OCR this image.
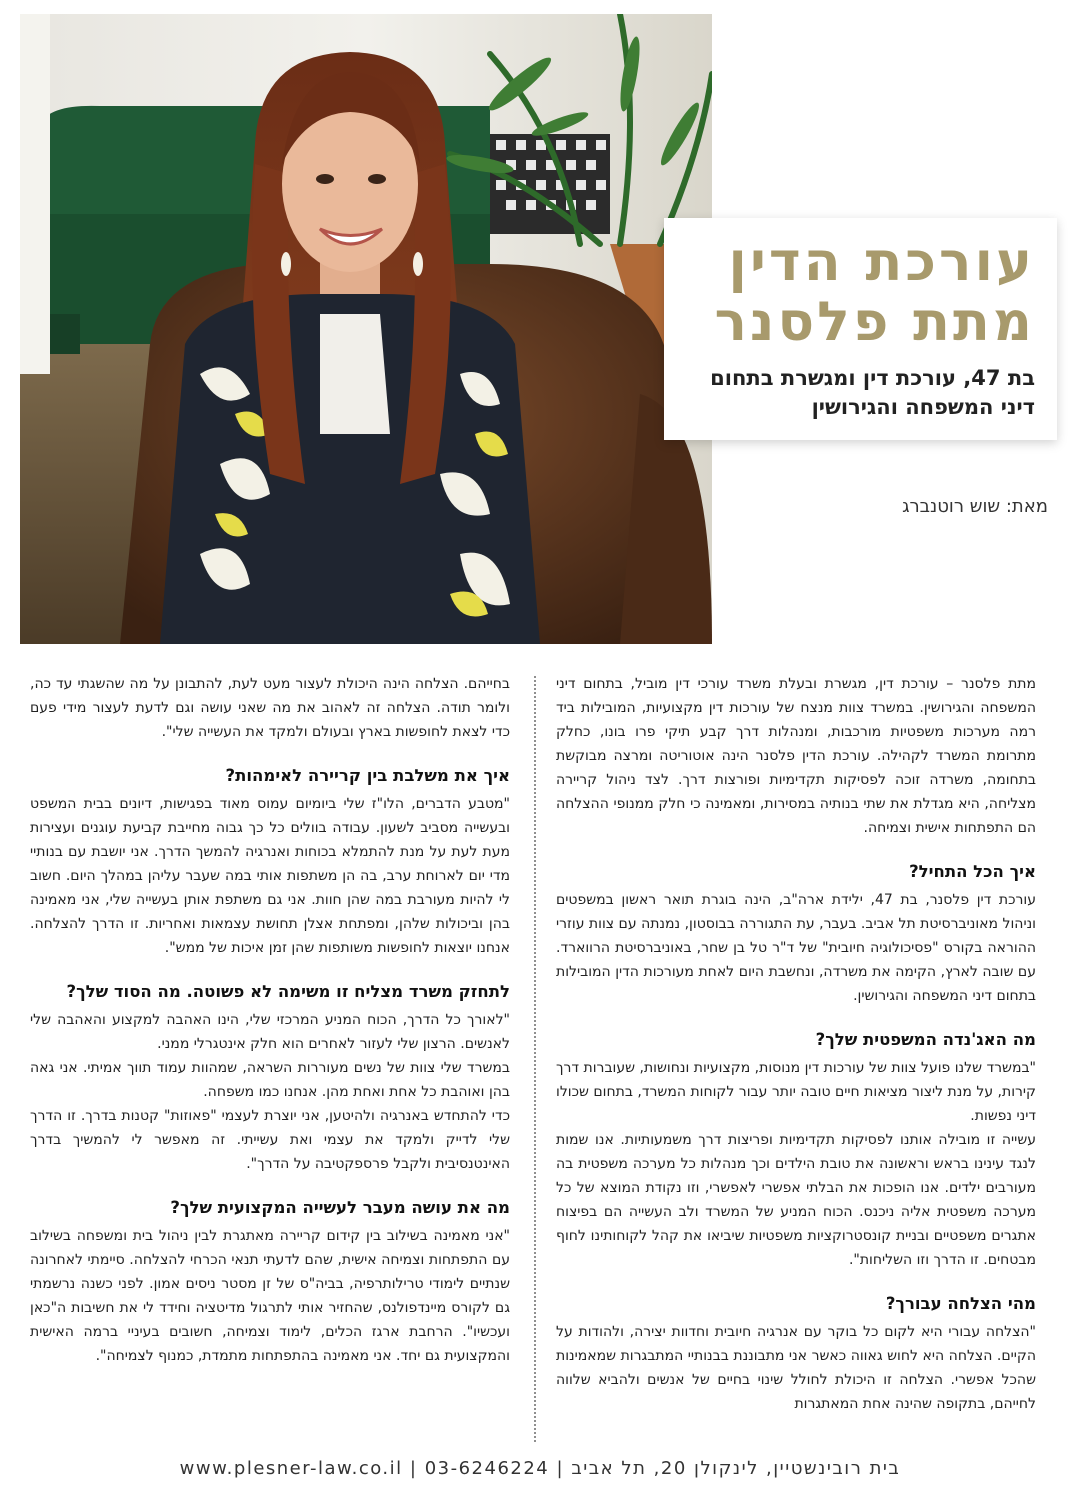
עורכת הדין
מתת פלסנר
בת 47, עורכת דין ומגשרת בתחום
דיני המשפחה והגירושין
מאת: שוש רוטנברג

מתת פלסנר – עורכת דין, מגשרת ובעלת משרד עורכי דין מוביל, בתחום דיני המשפחה והגירושין. במשרד צוות מנצח של עורכות דין מקצועיות, המובילות ביד רמה מערכות משפטיות מורכבות, ומנהלות דרך קבע תיקי פרו בונו, כחלק מתרומת המשרד לקהילה. עורכת הדין פלסנר הינה אוטוריטה ומרצה מבוקשת בתחומה, משרדה זוכה לפסיקות תקדימיות ופורצות דרך. לצד ניהול קריירה מצליחה, היא מגדלת את שתי בנותיה במסירות, ומאמינה כי חלק ממנופי ההצלחה הם התפתחות אישית וצמיחה.

איך הכל התחיל?

עורכת דין פלסנר, בת 47, ילידת ארה"ב, הינה בוגרת תואר ראשון במשפטים וניהול מאוניברסיטת תל אביב. בעבר, עת התגוררה בבוסטון, נמנתה עם צוות עוזרי ההוראה בקורס "פסיכולוגיה חיובית" של ד"ר טל בן שחר, באוניברסיטת הרווארד. עם שובה לארץ, הקימה את משרדה, ונחשבת היום לאחת מעורכות הדין המובילות בתחום דיני המשפחה והגירושין.

מה האג'נדה המשפטית שלך?

"במשרד שלנו פועל צוות של עורכות דין מנוסות, מקצועיות ונחושות, שעוברות דרך קירות, על מנת ליצור מציאות חיים טובה יותר עבור לקוחות המשרד, בתחום שכולו דיני נפשות.

עשייה זו מובילה אותנו לפסיקות תקדימיות ופריצות דרך משמעותיות. אנו שמות לנגד עינינו בראש וראשונה את טובת הילדים וכך מנהלות כל מערכה משפטית בה מעורבים ילדים. אנו הופכות את הבלתי אפשרי לאפשרי, וזו נקודת המוצא של כל מערכה משפטית אליה ניכנס. הכוח המניע של המשרד ולב העשייה הם בפיצוח אתגרים משפטיים ובניית קונסטרוקציות משפטיות שיביאו את קהל לקוחותינו לחוף מבטחים. זו הדרך וזו השליחות".

מהי הצלחה עבורך?

"הצלחה עבורי היא לקום כל בוקר עם אנרגיה חיובית וחדוות יצירה, ולהודות על הקיים. הצלחה היא לחוש גאווה כאשר אני מתבוננת בבנותיי המתבגרות שמאמינות שהכל אפשרי. הצלחה זו היכולת לחולל שינוי בחיים של אנשים ולהביא שלווה לחייהם, בתקופה שהינה אחת המאתגרות

בחייהם. הצלחה הינה היכולת לעצור מעט לעת, להתבונן על מה שהשגתי עד כה, ולומר תודה. הצלחה זה לאהוב את מה שאני עושה וגם לדעת לעצור מידי פעם כדי לצאת לחופשות בארץ ובעולם ולמקד את העשייה שלי".

איך את משלבת בין קריירה לאימהות?

"מטבע הדברים, הלו"ז שלי ביומיום עמוס מאוד בפגישות, דיונים בבית המשפט ובעשייה מסביב לשעון. עבודה בוולים כל כך גבוה מחייבת קביעת עוגנים ועצירות מעת לעת על מנת להתמלא בכוחות ואנרגיה להמשך הדרך. אני יושבת עם בנותיי מדי יום לארוחת ערב, בה הן משתפות אותי במה שעבר עליהן במהלך היום. חשוב לי להיות מעורבת במה שהן חוות. אני גם משתפת אותן בעשייה שלי, אני מאמינה בהן וביכולות שלהן, ומפתחת אצלן תחושת עצמאות ואחריות. זו הדרך להצלחה. אנחנו יוצאות לחופשות משותפות שהן זמן איכות של ממש".

לתחזק משרד מצליח זו משימה לא פשוטה. מה הסוד שלך?

"לאורך כל הדרך, הכוח המניע המרכזי שלי, הינו האהבה למקצוע והאהבה שלי לאנשים. הרצון שלי לעזור לאחרים הוא חלק אינטגרלי ממני.

במשרד שלי צוות של נשים מעוררות השראה, שמהוות עמוד תווך אמיתי. אני גאה בהן ואוהבת כל אחת ואחת מהן. אנחנו כמו משפחה.

כדי להתחדש באנרגיה ולהיטען, אני יוצרת לעצמי "פאוזות" קטנות בדרך. זו הדרך שלי לדייק ולמקד את עצמי ואת עשייתי. זה מאפשר לי להמשיך בדרך האינטנסיבית ולקבל פרספקטיבה על הדרך".

מה את עושה מעבר לעשייה המקצועית שלך?

"אני מאמינה בשילוב בין קידום קריירה מאתגרת לבין ניהול בית ומשפחה בשילוב עם התפתחות וצמיחה אישית, שהם לדעתי תנאי הכרחי להצלחה. סיימתי לאחרונה שנתיים לימודי טרילותרפיה, בביה"ס של זן מסטר ניסים אמון. לפני כשנה נרשמתי גם לקורס מיינדפולנס, שהחזיר אותי לתרגול מדיטציה וחידד לי את חשיבות ה"כאן ועכשיו". הרחבת ארגז הכלים, לימוד וצמיחה, חשובים בעיניי ברמה האישית והמקצועית גם יחד. אני מאמינה בהתפתחות מתמדת, כמנוף לצמיחה".

www.plesner-law.co.il | 03-6246224 | בית רובינשטיין, לינקולן 20, תל אביב
